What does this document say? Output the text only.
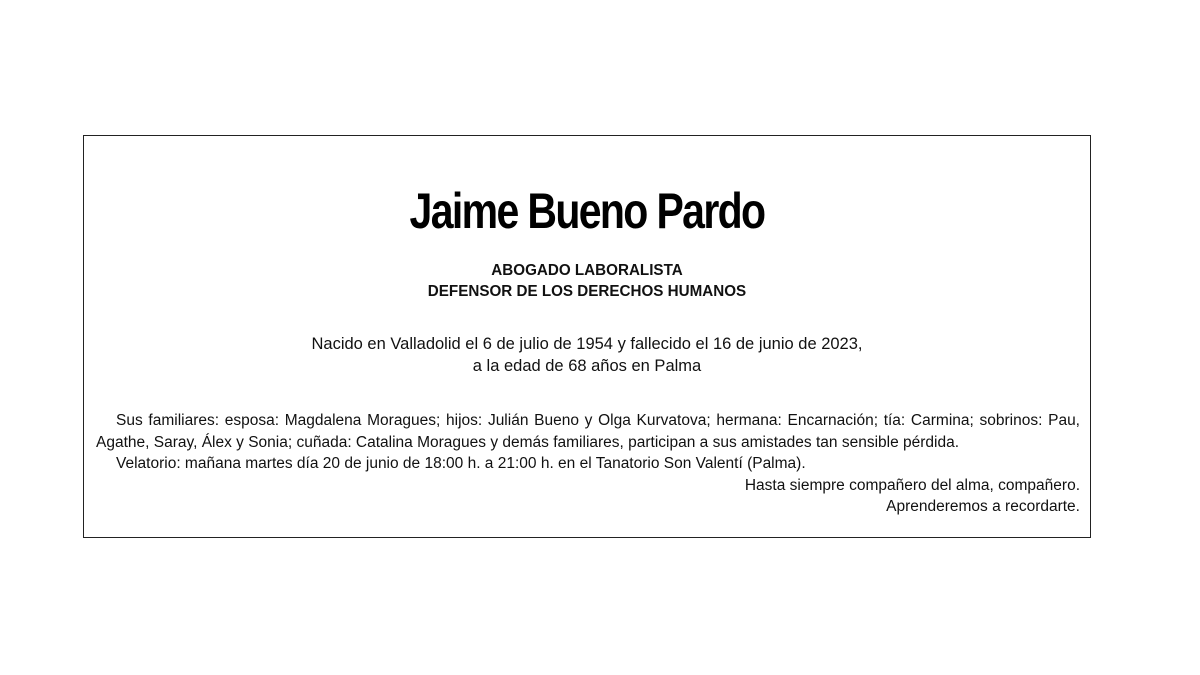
Jaime Bueno Pardo
ABOGADO LABORALISTA
DEFENSOR DE LOS DERECHOS HUMANOS
Nacido en Valladolid el 6 de julio de 1954 y fallecido el 16 de junio de 2023,
a la edad de 68 años en Palma

Sus familiares: esposa: Magdalena Moragues; hijos: Julián Bueno y Olga Kurvatova; hermana: Encarnación; tía: Carmina; sobrinos: Pau, Agathe, Saray, Álex y Sonia; cuñada: Catalina Moragues y demás familiares, participan a sus amistades tan sensible pérdida.

Velatorio: mañana martes día 20 de junio de 18:00 h. a 21:00 h. en el Tanatorio Son Valentí (Palma).

Hasta siempre compañero del alma, compañero.

Aprenderemos a recordarte.
